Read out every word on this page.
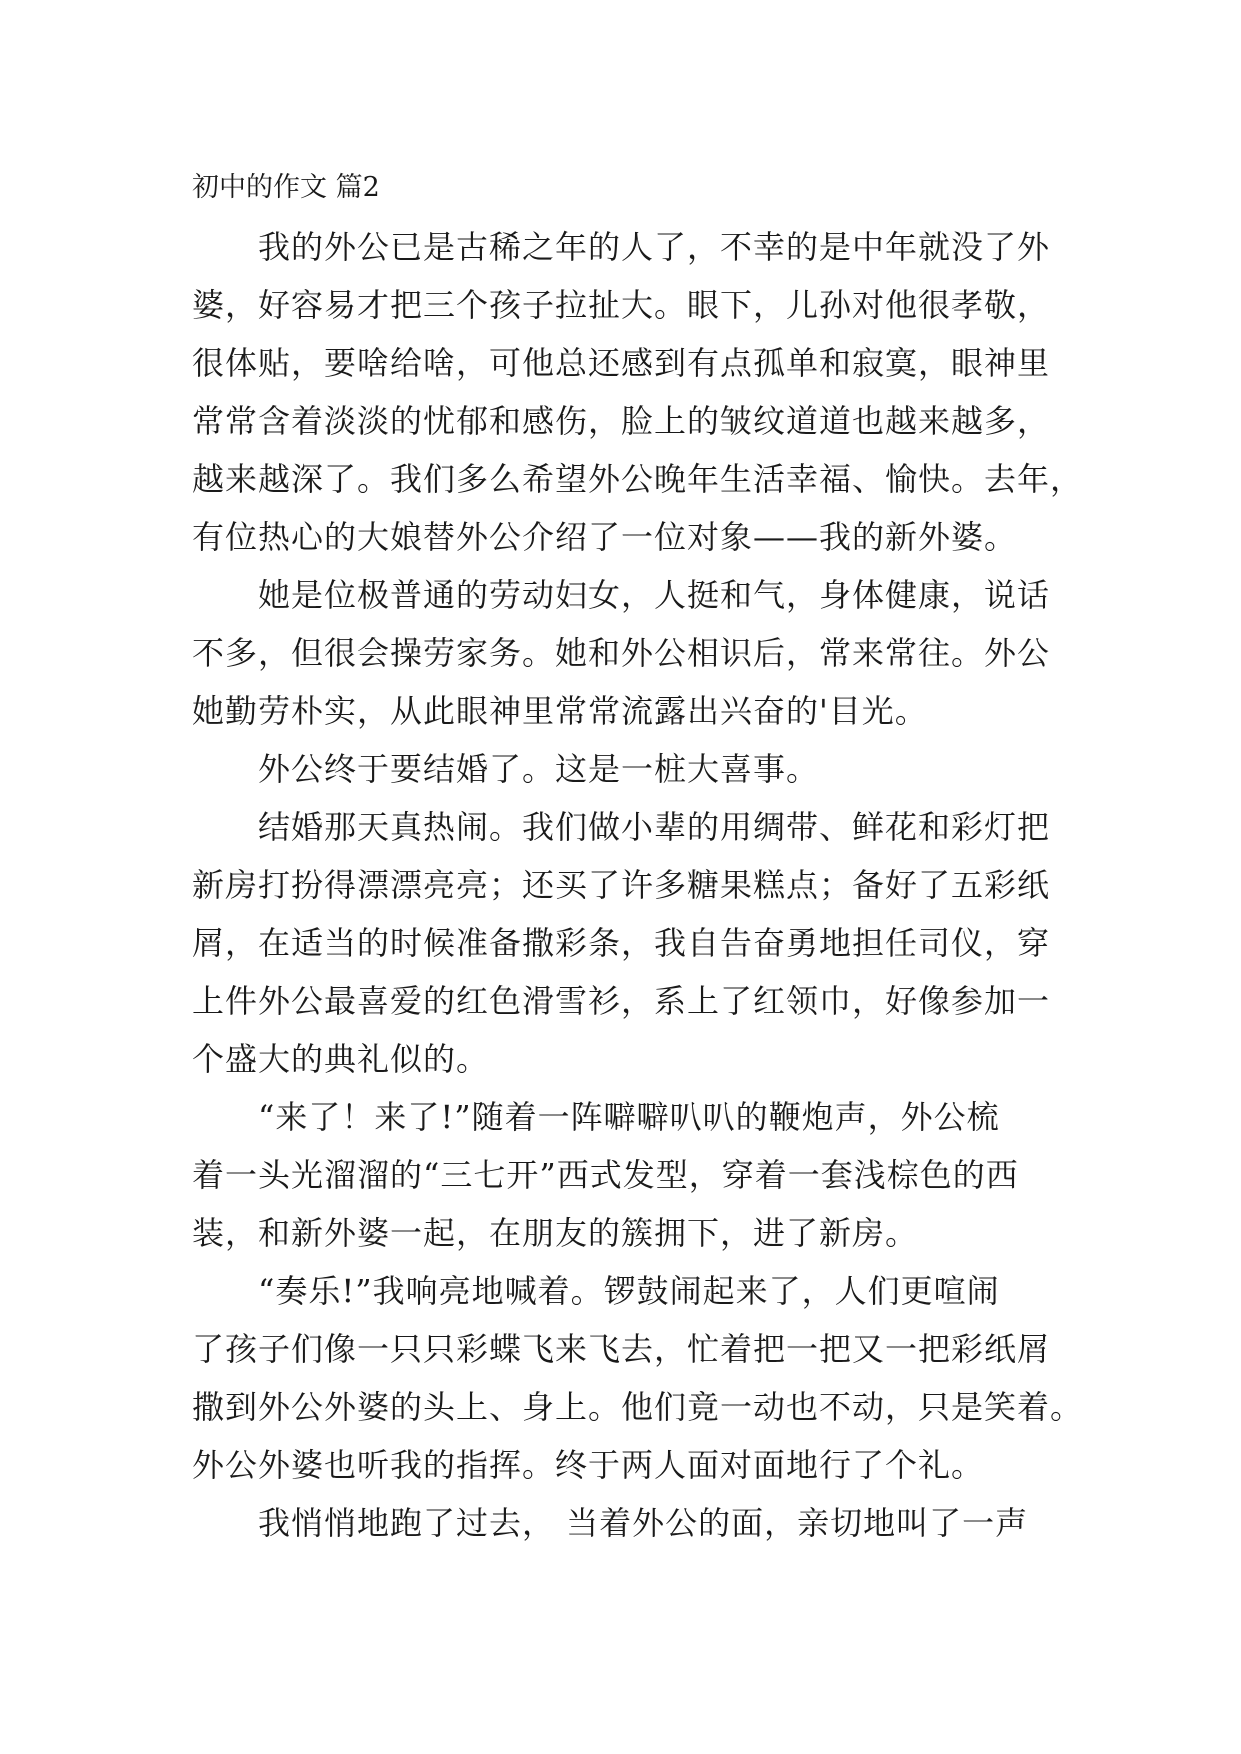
初中的作文 篇2
我的外公已是古稀之年的人了，不幸的是中年就没了外
婆，好容易才把三个孩子拉扯大。眼下，儿孙对他很孝敬，
很体贴，要啥给啥，可他总还感到有点孤单和寂寞，眼神里
常常含着淡淡的忧郁和感伤，脸上的皱纹道道也越来越多，
越来越深了。我们多么希望外公晚年生活幸福、愉快。去年，
有位热心的大娘替外公介绍了一位对象——我的新外婆。
她是位极普通的劳动妇女，人挺和气，身体健康，说话
不多，但很会操劳家务。她和外公相识后，常来常往。外公
她勤劳朴实，从此眼神里常常流露出兴奋的'目光。
外公终于要结婚了。这是一桩大喜事。
结婚那天真热闹。我们做小辈的用绸带、鲜花和彩灯把
新房打扮得漂漂亮亮；还买了许多糖果糕点；备好了五彩纸
屑，在适当的时候准备撒彩条，我自告奋勇地担任司仪，穿
上件外公最喜爱的红色滑雪衫，系上了红领巾，好像参加一
个盛大的典礼似的。
“来了！来了!”随着一阵噼噼叭叭的鞭炮声，外公梳
着一头光溜溜的“三七开”西式发型，穿着一套浅棕色的西
装，和新外婆一起，在朋友的簇拥下，进了新房。
“奏乐!”我响亮地喊着。锣鼓闹起来了，人们更喧闹
了孩子们像一只只彩蝶飞来飞去，忙着把一把又一把彩纸屑
撒到外公外婆的头上、身上。他们竟一动也不动，只是笑着。
外公外婆也听我的指挥。终于两人面对面地行了个礼。
我悄悄地跑了过去， 当着外公的面，亲切地叫了一声
